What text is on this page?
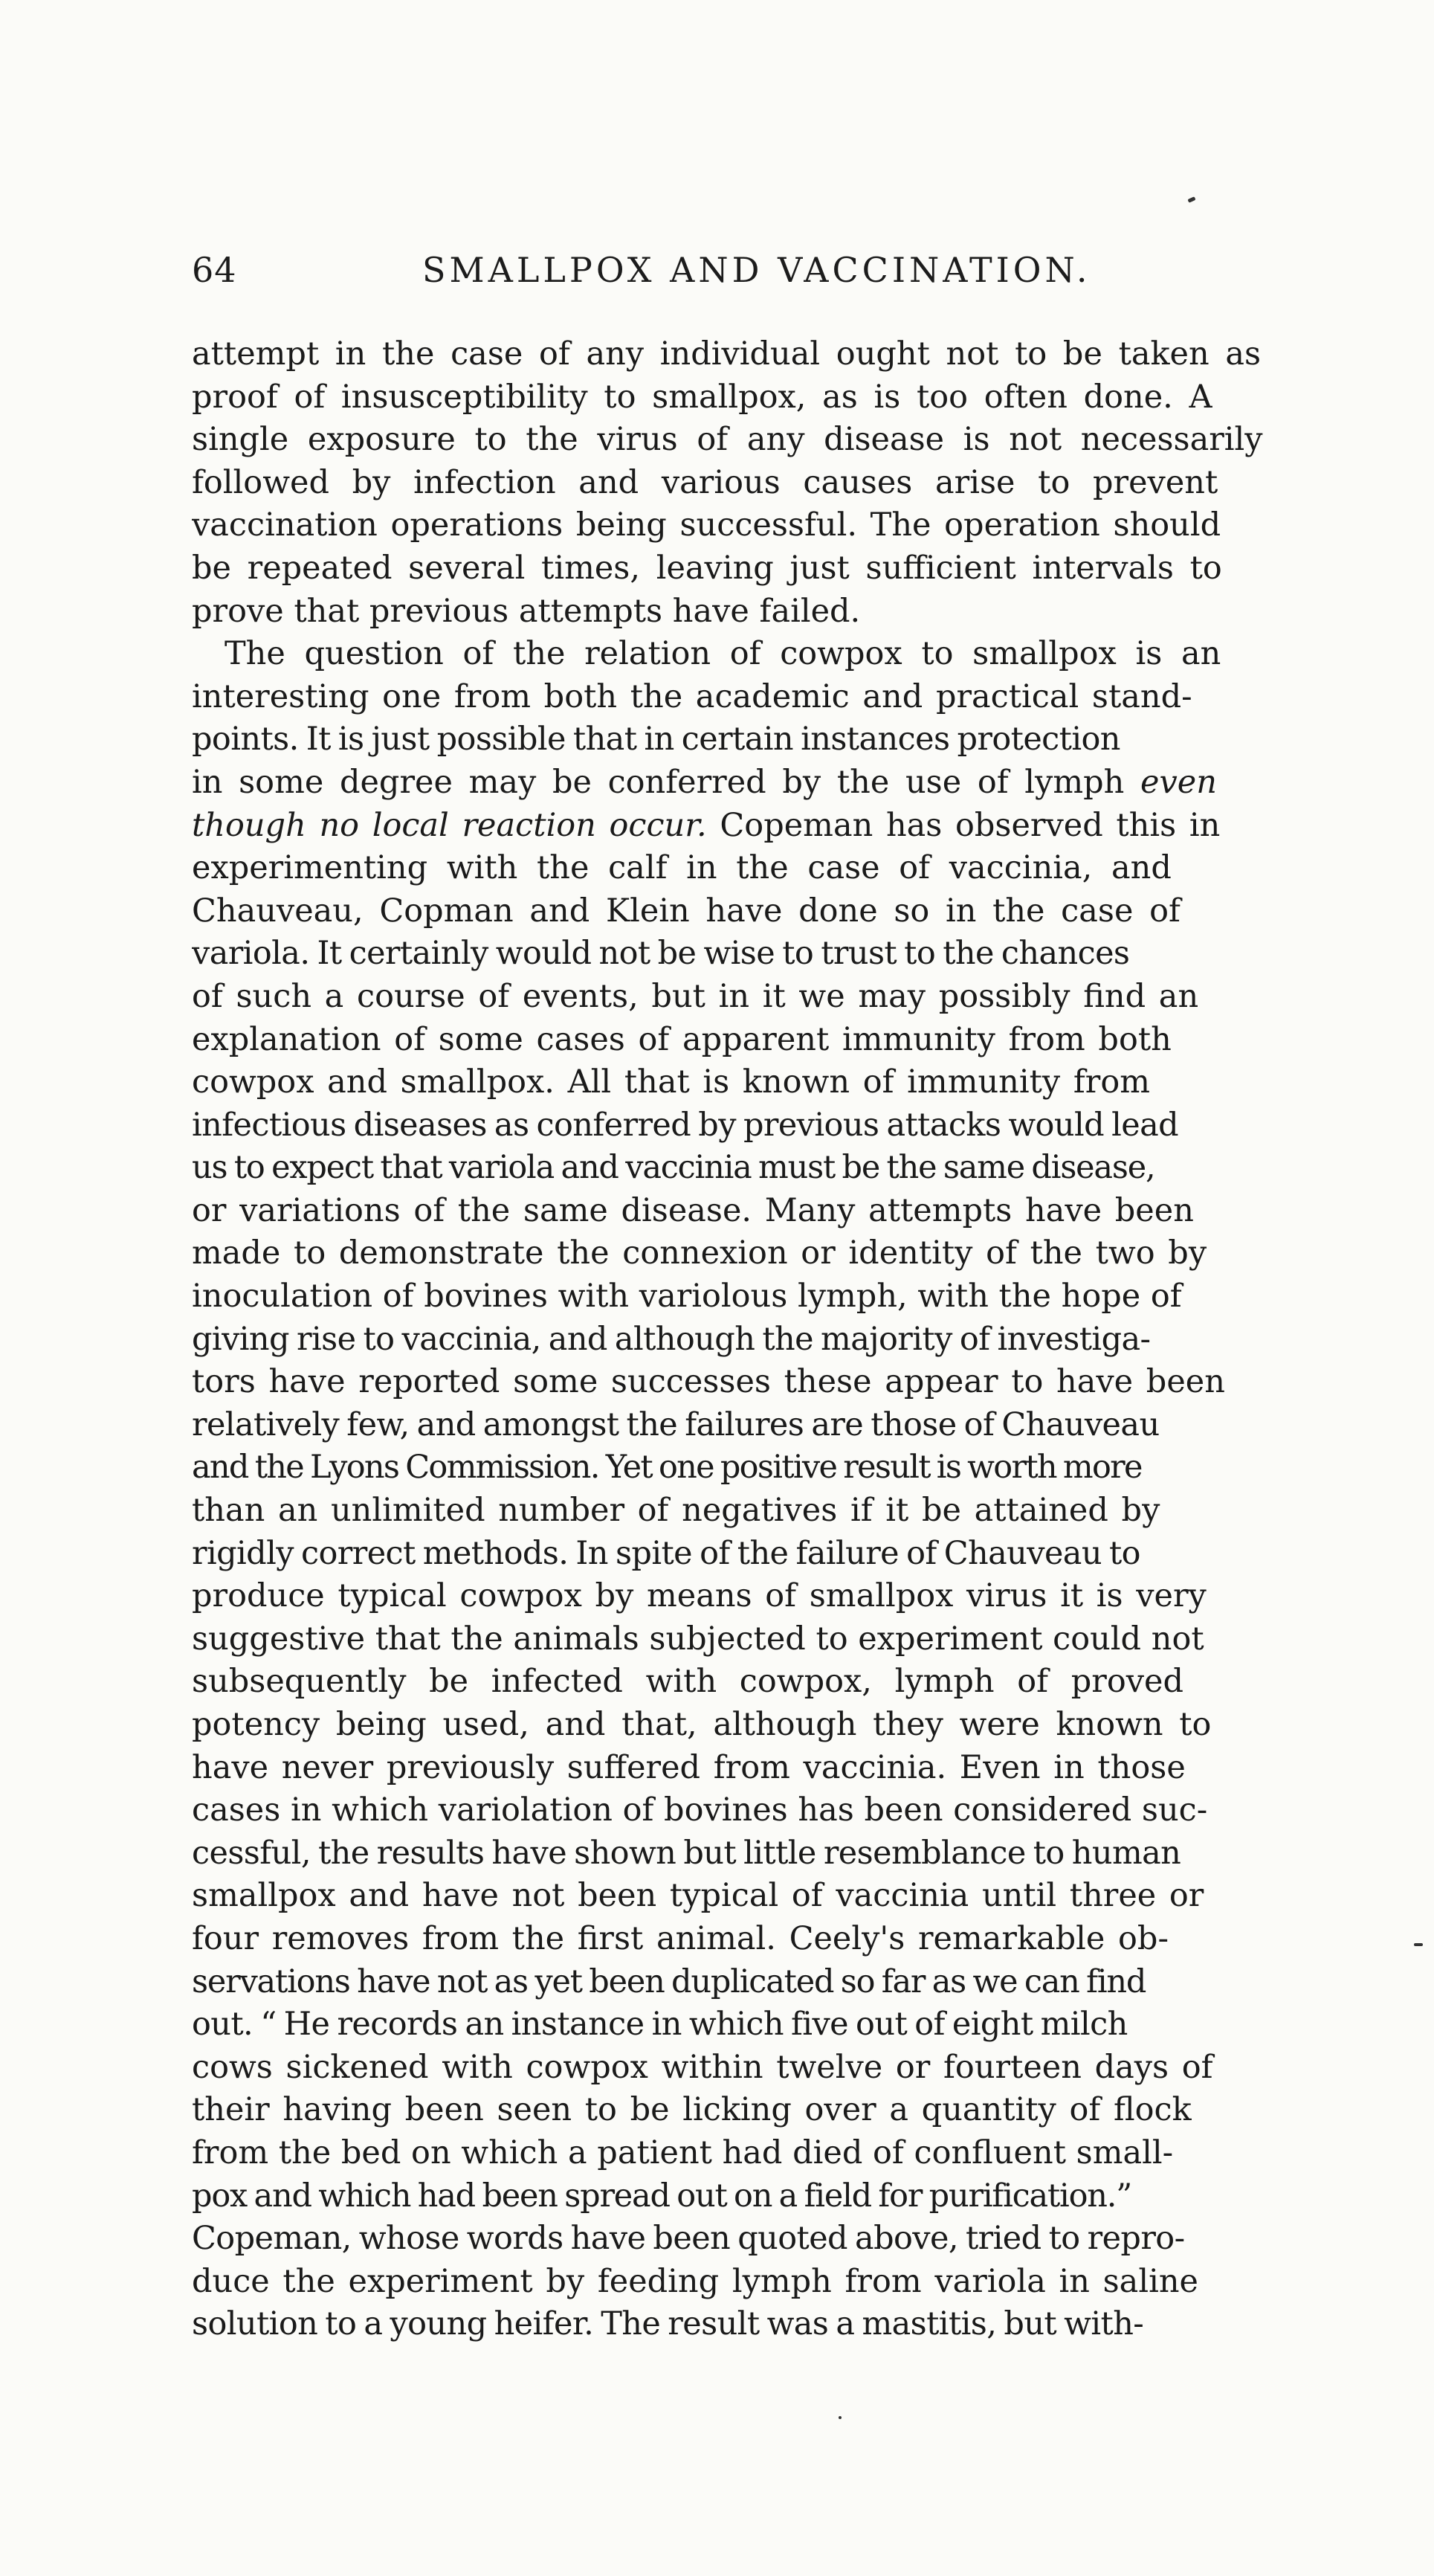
64	SMALLPOX AND VACCINATION.
attempt in the case of any individual ought not to be taken as
proof of insusceptibility to smallpox, as is too often done. A
single exposure to the virus of any disease is not necessarily
followed by infection and various causes arise to prevent
vaccination operations being successful. The operation should
be repeated several times, leaving just sufficient intervals to
prove that previous attempts have failed.
The question of the relation of cowpox to smallpox is an
interesting one from both the academic and practical stand-
points. It is just possible that in certain instances protection
in some degree may be conferred by the use of lymph even
though no local reaction occur. Copeman has observed this in
experimenting with the calf in the case of vaccinia, and
Chauveau, Copman and Klein have done so in the case of
variola. It certainly would not be wise to trust to the chances
of such a course of events, but in it we may possibly find an
explanation of some cases of apparent immunity from both
cowpox and smallpox. All that is known of immunity from
infectious diseases as conferred by previous attacks would lead
us to expect that variola and vaccinia must be the same disease,
or variations of the same disease. Many attempts have been
made to demonstrate the connexion or identity of the two by
inoculation of bovines with variolous lymph, with the hope of
giving rise to vaccinia, and although the majority of investiga-
tors have reported some successes these appear to have been
relatively few, and amongst the failures are those of Chauveau
and the Lyons Commission. Yet one positive result is worth more
than an unlimited number of negatives if it be attained by
rigidly correct methods. In spite of the failure of Chauveau to
produce typical cowpox by means of smallpox virus it is very
suggestive that the animals subjected to experiment could not
subsequently be infected with cowpox, lymph of proved
potency being used, and that, although they were known to
have never previously suffered from vaccinia. Even in those
cases in which variolation of bovines has been considered suc-
cessful, the results have shown but little resemblance to human
smallpox and have not been typical of vaccinia until three or
four removes from the first animal. Ceely's remarkable ob-
servations have not as yet been duplicated so far as we can find
out. “ He records an instance in which five out of eight milch
cows sickened with cowpox within twelve or fourteen days of
their having been seen to be licking over a quantity of flock
from the bed on which a patient had died of confluent small-
pox and which had been spread out on a field for purification.”
Copeman, whose words have been quoted above, tried to repro-
duce the experiment by feeding lymph from variola in saline
solution to a young heifer. The result was a mastitis, but with-
